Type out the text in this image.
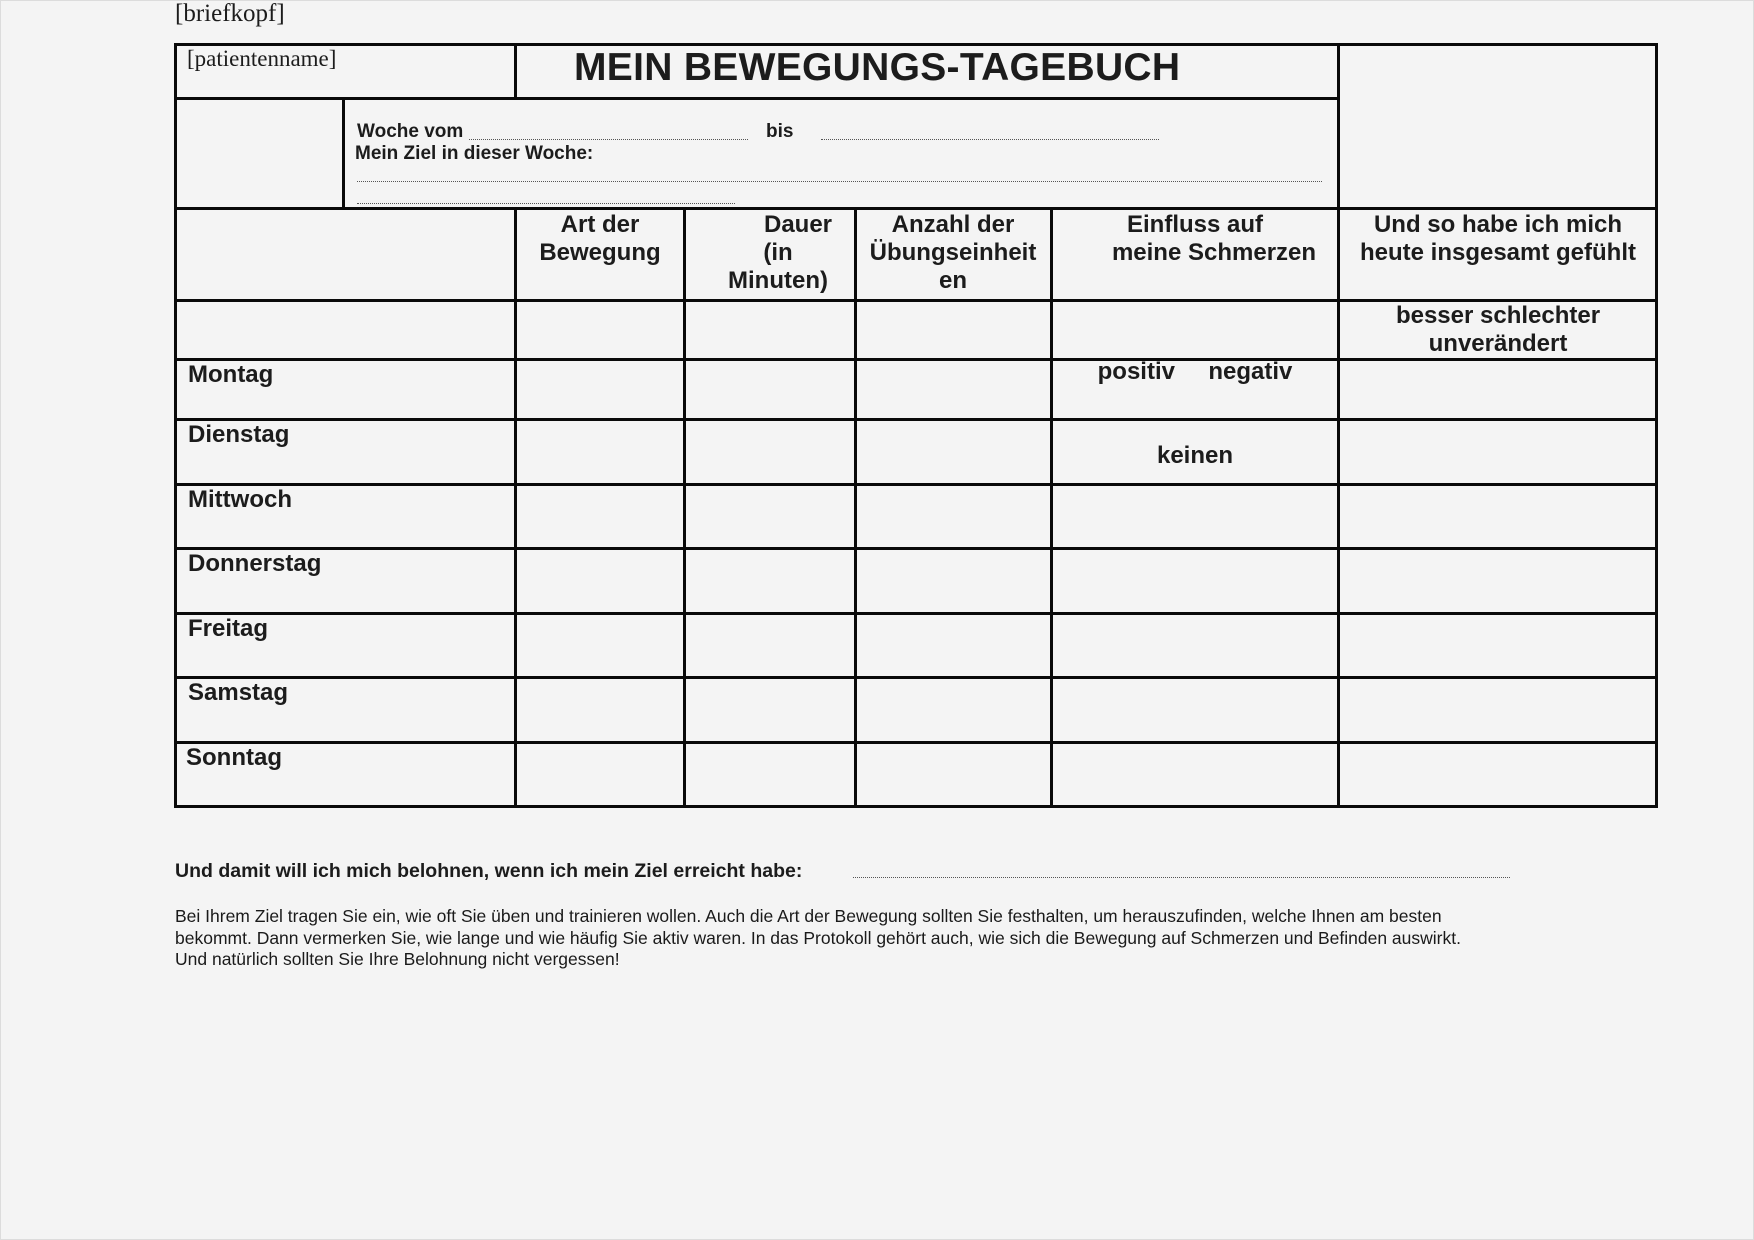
[briefkopf]
[patientenname]	MEIN BEWEGUNGS-TAGEBUCH
Woche vom	bis
Mein Ziel in dieser Woche:
Art der
Bewegung
Dauer
(in
Minuten)
Anzahl der
Übungseinheit
en
Einfluss auf
meine Schmerzen
Und so habe ich mich
heute insgesamt gefühlt

positiv     negativ

keinen

besser schlechter
unverändert
Montag
Dienstag
Mittwoch
Donnerstag
Freitag
Samstag
Sonntag
Und damit will ich mich belohnen, wenn ich mein Ziel erreicht habe:
Bei Ihrem Ziel tragen Sie ein, wie oft Sie üben und trainieren wollen. Auch die Art der Bewegung sollten Sie festhalten, um herauszufinden, welche Ihnen am besten
bekommt. Dann vermerken Sie, wie lange und wie häufig Sie aktiv waren. In das Protokoll gehört auch, wie sich die Bewegung auf Schmerzen und Befinden auswirkt.
Und natürlich sollten Sie Ihre Belohnung nicht vergessen!
